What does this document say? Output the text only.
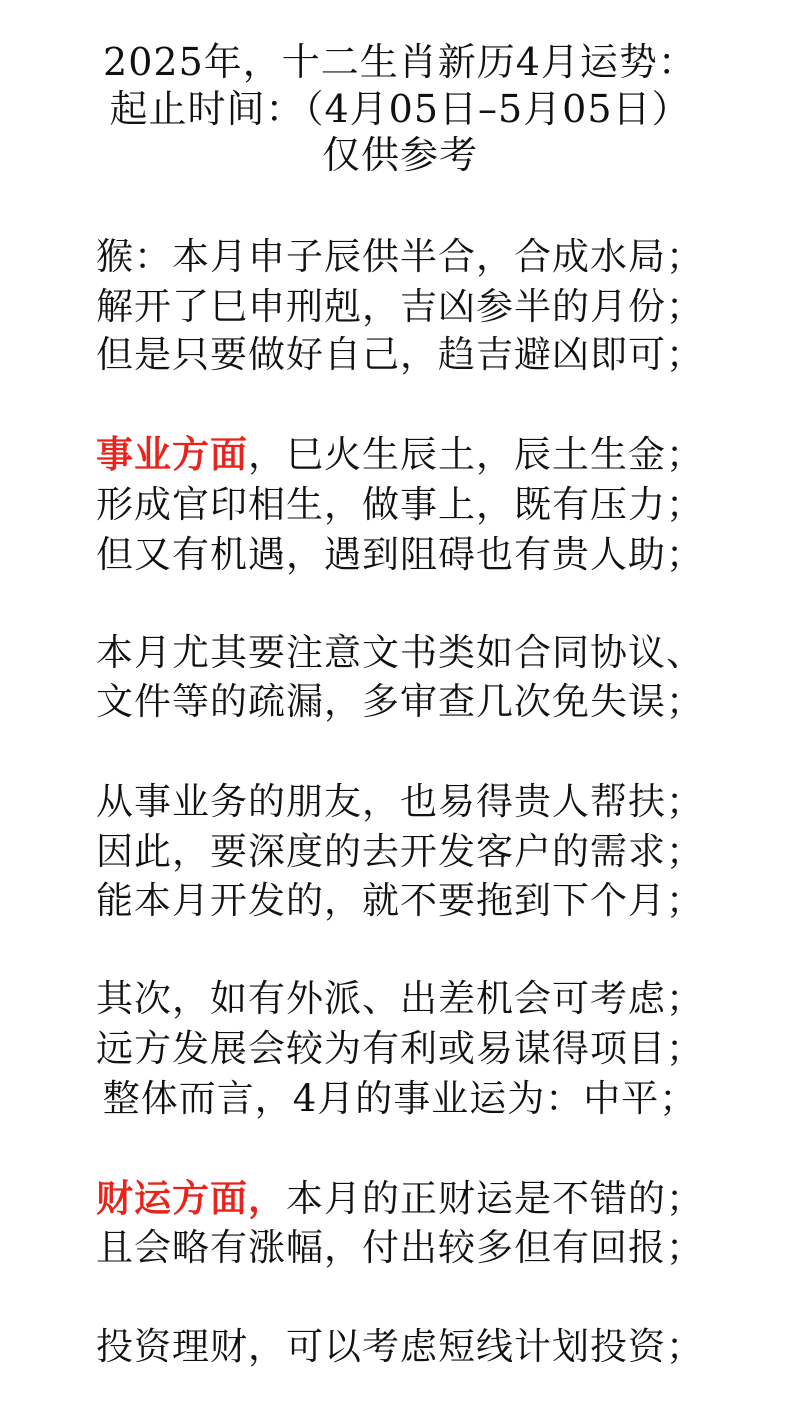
2025年，十二生肖新历4月运势：
起止时间：（4月05日–5月05日）
仅供参考
猴：本月申子辰供半合，合成水局；
解开了巳申刑剋，吉凶参半的月份；
但是只要做好自己，趋吉避凶即可；
事业方面，巳火生辰土，辰土生金；
形成官印相生，做事上，既有压力；
但又有机遇，遇到阻碍也有贵人助；
本月尤其要注意文书类如合同协议、
文件等的疏漏，多审查几次免失误；
从事业务的朋友，也易得贵人帮扶；
因此，要深度的去开发客户的需求；
能本月开发的，就不要拖到下个月；
其次，如有外派、出差机会可考虑；
远方发展会较为有利或易谋得项目；
整体而言，4月的事业运为：中平；
财运方面，本月的正财运是不错的；
且会略有涨幅，付出较多但有回报；
投资理财，可以考虑短线计划投资；
